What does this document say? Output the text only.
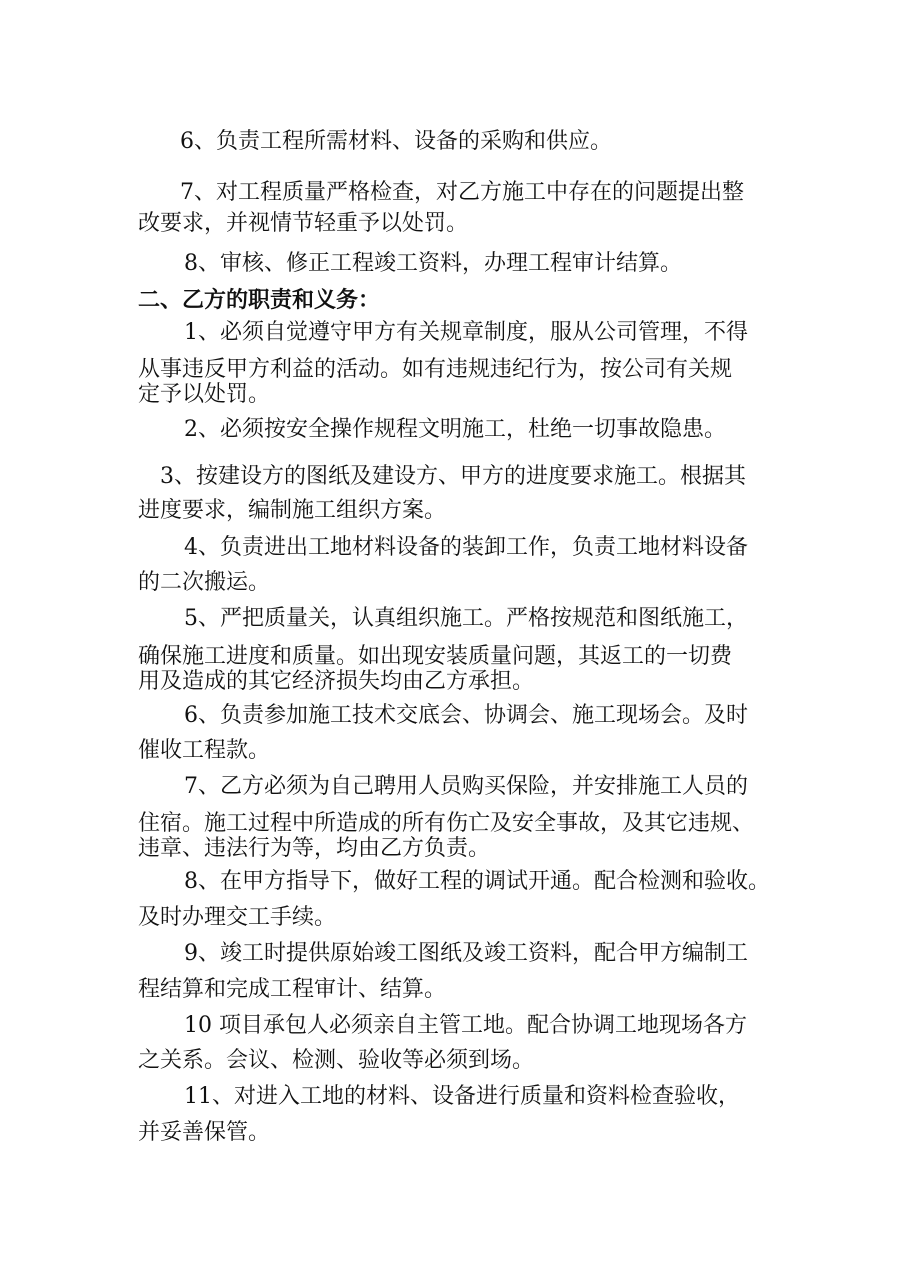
6、负责工程所需材料、设备的采购和供应。
7、对工程质量严格检查，对乙方施工中存在的问题提出整
改要求，并视情节轻重予以处罚。
8、审核、修正工程竣工资料，办理工程审计结算。
二、乙方的职责和义务：
1、必须自觉遵守甲方有关规章制度，服从公司管理，不得
从事违反甲方利益的活动。如有违规违纪行为，按公司有关规
定予以处罚。
2、必须按安全操作规程文明施工，杜绝一切事故隐患。
3、按建设方的图纸及建设方、甲方的进度要求施工。根据其
进度要求，编制施工组织方案。
4、负责进出工地材料设备的装卸工作，负责工地材料设备
的二次搬运。
5、严把质量关，认真组织施工。严格按规范和图纸施工，
确保施工进度和质量。如出现安装质量问题，其返工的一切费
用及造成的其它经济损失均由乙方承担。
6、负责参加施工技术交底会、协调会、施工现场会。及时
催收工程款。
7、乙方必须为自己聘用人员购买保险，并安排施工人员的
住宿。施工过程中所造成的所有伤亡及安全事故，及其它违规、
违章、违法行为等，均由乙方负责。
8、在甲方指导下，做好工程的调试开通。配合检测和验收。
及时办理交工手续。
9、竣工时提供原始竣工图纸及竣工资料，配合甲方编制工
程结算和完成工程审计、结算。
10 项目承包人必须亲自主管工地。配合协调工地现场各方
之关系。会议、检测、验收等必须到场。
11、对进入工地的材料、设备进行质量和资料检查验收，
并妥善保管。
